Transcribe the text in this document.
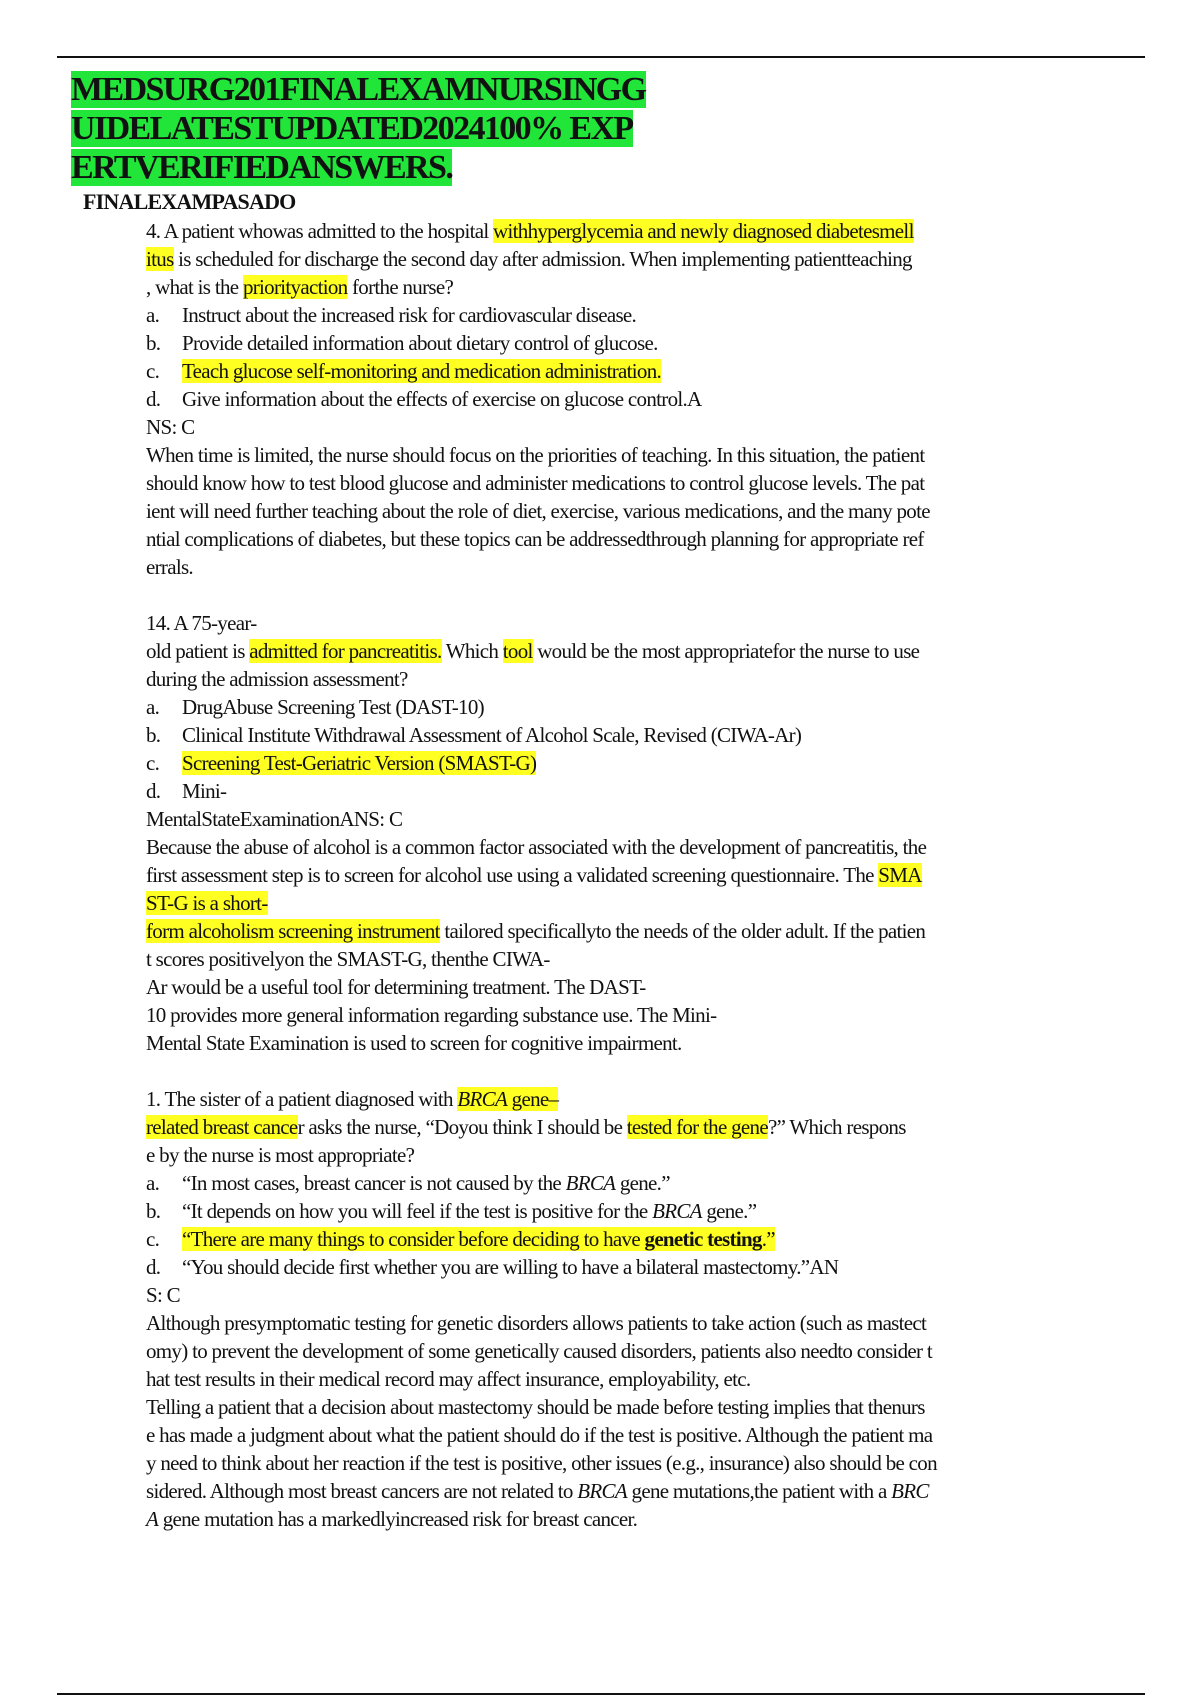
MEDSURG201FINALEXAMNURSINGG
UIDELATESTUPDATED2024100% EXP
ERTVERIFIEDANSWERS.
FINALEXAMPASADO

4. A patient whowas admitted to the hospital withhyperglycemia and newly diagnosed diabetesmell
itus is scheduled for discharge the second day after admission. When implementing patientteaching
, what is the priorityaction forthe nurse?

a. Instruct about the increased risk for cardiovascular disease.
b. Provide detailed information about dietary control of glucose.
c. Teach glucose self-monitoring and medication administration.
d. Give information about the effects of exercise on glucose control.A

NS: C

When time is limited, the nurse should focus on the priorities of teaching. In this situation, the patient
should know how to test blood glucose and administer medications to control glucose levels. The pat
ient will need further teaching about the role of diet, exercise, various medications, and the many pote
ntial complications of diabetes, but these topics can be addressedthrough planning for appropriate ref
errals.

14. A 75-year-
old patient is admitted for pancreatitis. Which tool would be the most appropriatefor the nurse to use
during the admission assessment?

a. DrugAbuse Screening Test (DAST-10)
b. Clinical Institute Withdrawal Assessment of Alcohol Scale, Revised (CIWA-Ar)
c. Screening Test-Geriatric Version (SMAST-G)
d. Mini-

MentalStateExaminationANS: C

Because the abuse of alcohol is a common factor associated with the development of pancreatitis, the
first assessment step is to screen for alcohol use using a validated screening questionnaire. The SMA
ST-G is a short-
form alcoholism screening instrument tailored specificallyto the needs of the older adult. If the patien
t scores positivelyon the SMAST-G, thenthe CIWA-
Ar would be a useful tool for determining treatment. The DAST-
10 provides more general information regarding substance use. The Mini-
Mental State Examination is used to screen for cognitive impairment.

1. The sister of a patient diagnosed with BRCA gene–
related breast cancer asks the nurse, “Doyou think I should be tested for the gene?” Which respons
e by the nurse is most appropriate?

a. “In most cases, breast cancer is not caused by the BRCA gene.”
b. “It depends on how you will feel if the test is positive for the BRCA gene.”
c. “There are many things to consider before deciding to have genetic testing.”
d. “You should decide first whether you are willing to have a bilateral mastectomy.”AN

S: C

Although presymptomatic testing for genetic disorders allows patients to take action (such as mastect
omy) to prevent the development of some genetically caused disorders, patients also needto consider t
hat test results in their medical record may affect insurance, employability, etc.
Telling a patient that a decision about mastectomy should be made before testing implies that thenurs
e has made a judgment about what the patient should do if the test is positive. Although the patient ma
y need to think about her reaction if the test is positive, other issues (e.g., insurance) also should be con
sidered. Although most breast cancers are not related to BRCA gene mutations,the patient with a BRC
A gene mutation has a markedlyincreased risk for breast cancer.
